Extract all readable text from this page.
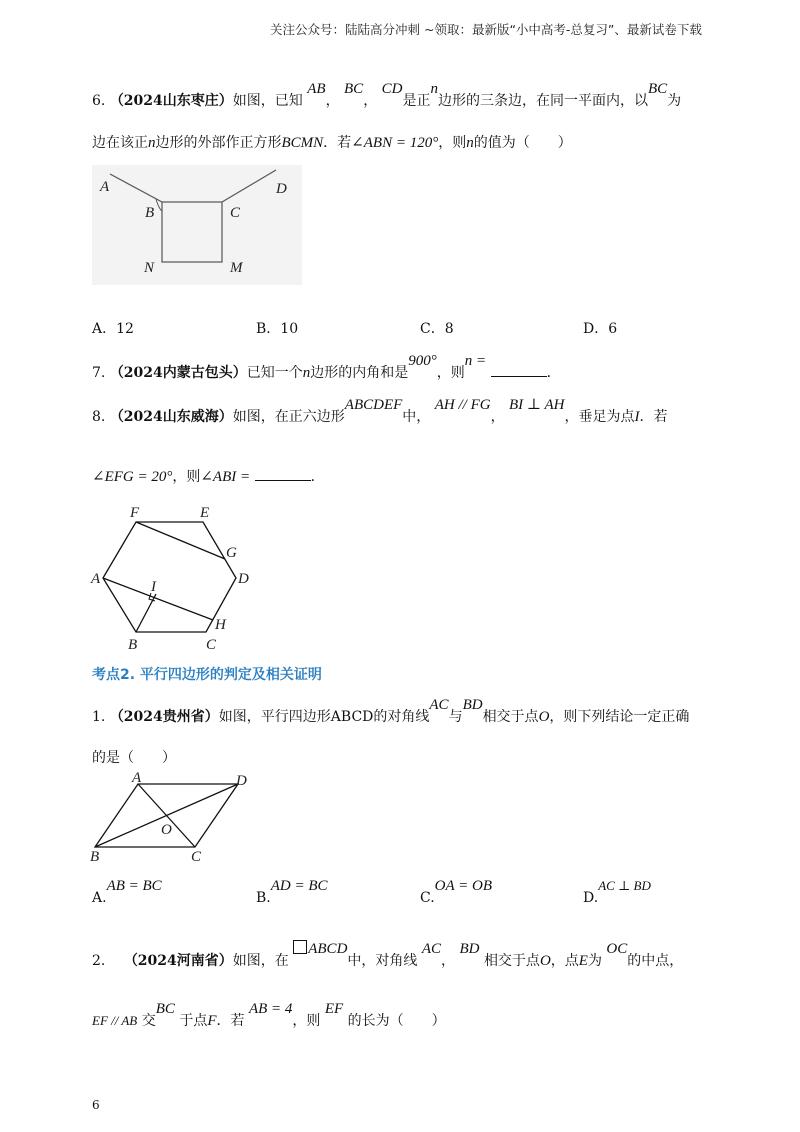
关注公众号：陆陆高分冲刺 ~领取：最新版“小中高考-总复习”、最新试卷下载
6. （2024山东枣庄）如图，已知 AB， BC， CD是正n边形的三条边，在同一平面内，以BC为
边在该正n边形的外部作正方形BCMN．若∠ABN = 120°，则n的值为（　　）
A
B	C
D
M
N
A．12	B．10	C．8	D．6
7. （2024内蒙古包头）已知一个n边形的内角和是900°，则n = ．
8. （2024山东威海）如图，在正六边形ABCDEF中， AH // FG， BI ⊥ AH，垂足为点I．若
∠EFG = 20°，则∠ABI =	．
F	E
G
D
H
C
B
A	I
考点2. 平行四边形的判定及相关证明
1. （2024贵州省）如图，平行四边形ABCD的对角线AC与BD相交于点O，则下列结论一定正确
的是（　　）
A	D
B	C
O
A.AB = BC
B.AD = BC
C.OA = OB
D.AC ⊥ BD
2.　 （2024河南省）如图，在 ABCD中，对角线 AC， BD 相交于点O，点E为 OC的中点，
EF // AB 交BC 于点F．若 AB = 4，则 EF 的长为（　　）
6
